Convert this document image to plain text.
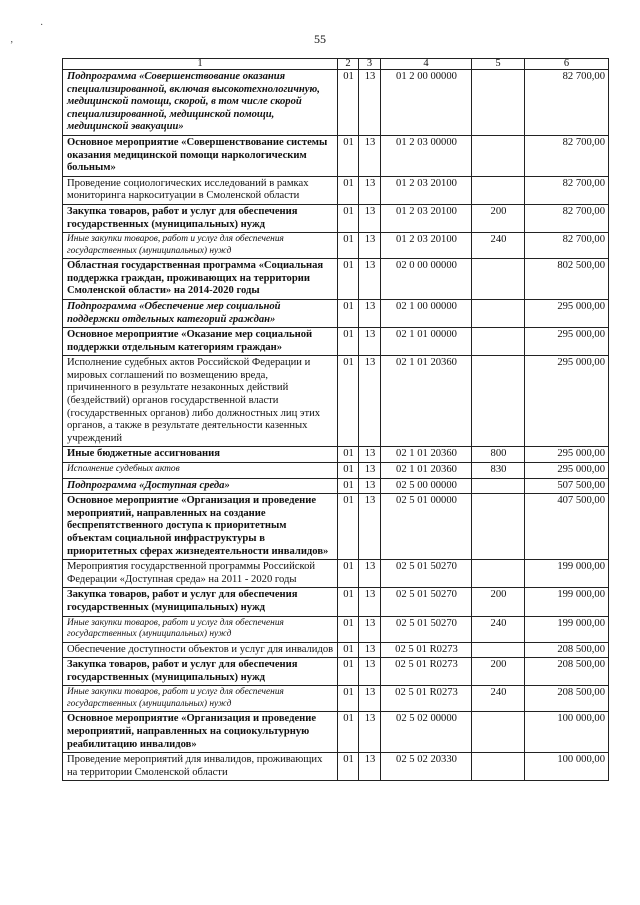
55
·
ʼ
1	2	3	4	5	6
Подпрограмма «Совершенствование оказания специализированной, включая высокотехнологичную, медицинской помощи, скорой, в том числе скорой специализированной, медицинской помощи, медицинской эвакуации»	01	13	01 2 00 00000		82 700,00
Основное мероприятие «Совершенствование системы оказания медицинской помощи наркологическим больным»	01	13	01 2 03 00000		82 700,00
Проведение социологических исследований в рамках мониторинга наркоситуации в Смоленской области	01	13	01 2 03 20100		82 700,00
Закупка товаров, работ и услуг для обеспечения государственных (муниципальных) нужд	01	13	01 2 03 20100	200	82 700,00
Иные закупки товаров, работ и услуг для обеспечения государственных (муниципальных) нужд	01	13	01 2 03 20100	240	82 700,00
Областная государственная программа «Социальная поддержка граждан, проживающих на территории Смоленской области» на 2014-2020 годы	01	13	02 0 00 00000		802 500,00
Подпрограмма «Обеспечение мер социальной поддержки отдельных категорий граждан»	01	13	02 1 00 00000		295 000,00
Основное мероприятие «Оказание мер социальной поддержки отдельным категориям граждан»	01	13	02 1 01 00000		295 000,00
Исполнение судебных актов Российской Федерации и мировых соглашений по возмещению вреда, причиненного в результате незаконных действий (бездействий) органов государственной власти (государственных органов) либо должностных лиц этих органов, а также в результате деятельности казенных учреждений	01	13	02 1 01 20360		295 000,00
Иные бюджетные ассигнования	01	13	02 1 01 20360	800	295 000,00
Исполнение судебных актов	01	13	02 1 01 20360	830	295 000,00
Подпрограмма «Доступная среда»	01	13	02 5 00 00000		507 500,00
Основное мероприятие «Организация и проведение мероприятий, направленных на создание беспрепятственного доступа к приоритетным объектам социальной инфраструктуры в приоритетных сферах жизнедеятельности инвалидов»	01	13	02 5 01 00000		407 500,00
Мероприятия государственной программы Российской Федерации «Доступная среда» на 2011 - 2020 годы	01	13	02 5 01 50270		199 000,00
Закупка товаров, работ и услуг для обеспечения государственных (муниципальных) нужд	01	13	02 5 01 50270	200	199 000,00
Иные закупки товаров, работ и услуг для обеспечения государственных (муниципальных) нужд	01	13	02 5 01 50270	240	199 000,00
Обеспечение доступности объектов и услуг для инвалидов	01	13	02 5 01 R0273		208 500,00
Закупка товаров, работ и услуг для обеспечения государственных (муниципальных) нужд	01	13	02 5 01 R0273	200	208 500,00
Иные закупки товаров, работ и услуг для обеспечения государственных (муниципальных) нужд	01	13	02 5 01 R0273	240	208 500,00
Основное мероприятие «Организация и проведение мероприятий, направленных на социокультурную реабилитацию инвалидов»	01	13	02 5 02 00000		100 000,00
Проведение мероприятий для инвалидов, проживающих на территории Смоленской области	01	13	02 5 02 20330		100 000,00
